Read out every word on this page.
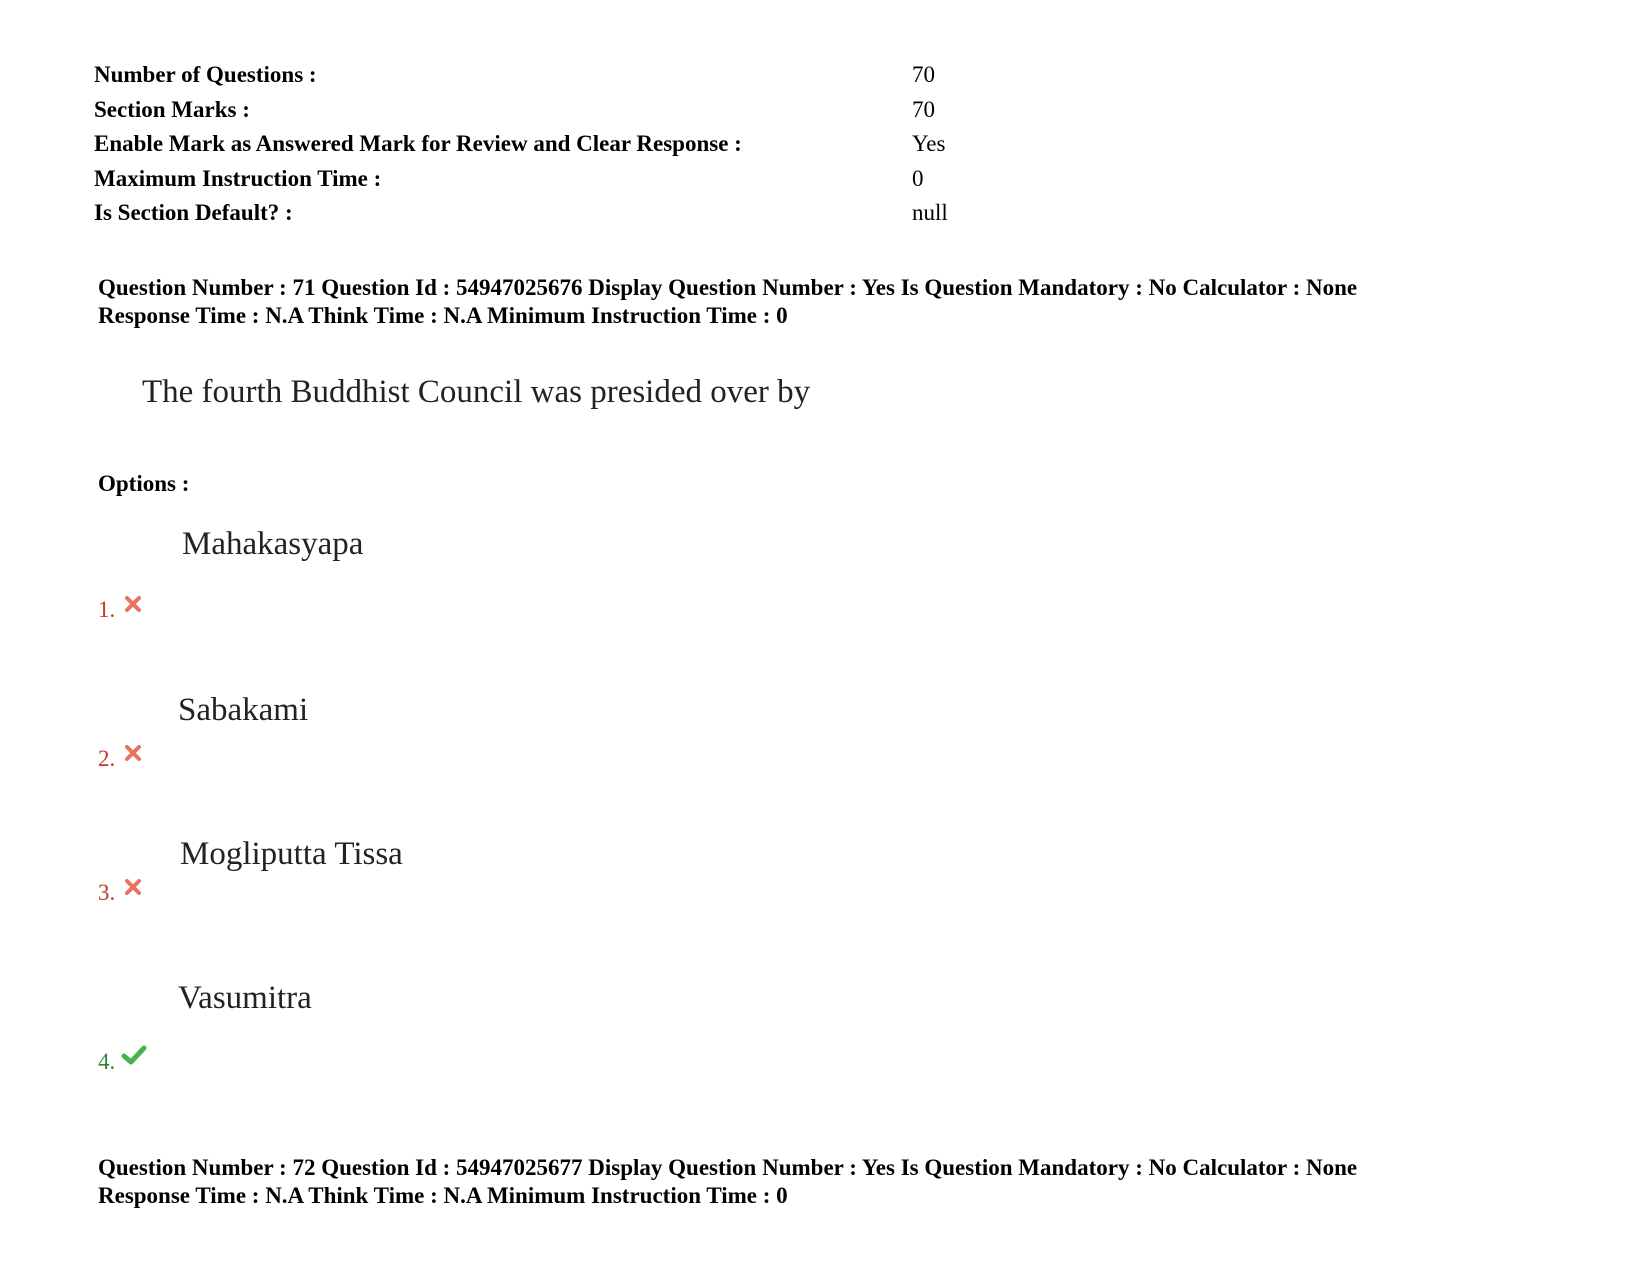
Number of Questions :	70
Section Marks :	70
Enable Mark as Answered Mark for Review and Clear Response :	Yes
Maximum Instruction Time :	0
Is Section Default? :	null
Question Number : 71 Question Id : 54947025676 Display Question Number : Yes Is Question Mandatory : No Calculator : None
Response Time : N.A Think Time : N.A Minimum Instruction Time : 0
The fourth Buddhist Council was presided over by
Options :
Mahakasyapa
1.
Sabakami
2.
Mogliputta Tissa
3.
Vasumitra
4.
Question Number : 72 Question Id : 54947025677 Display Question Number : Yes Is Question Mandatory : No Calculator : None
Response Time : N.A Think Time : N.A Minimum Instruction Time : 0
